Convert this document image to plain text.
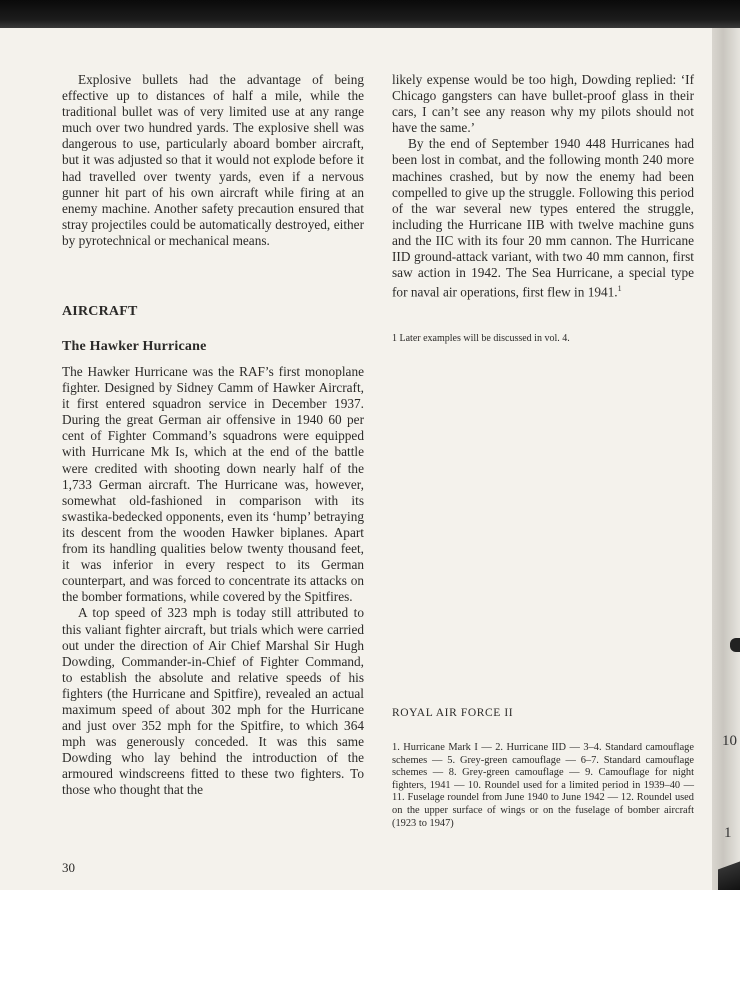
10
1

Explosive bullets had the advantage of being effective up to distances of half a mile, while the traditional bullet was of very limited use at any range much over two hundred yards. The explosive shell was dangerous to use, particularly aboard bomber aircraft, but it was adjusted so that it would not explode before it had travelled over twenty yards, even if a nervous gunner hit part of his own aircraft while firing at an enemy machine. Another safety precaution ensured that stray projectiles could be automatically destroyed, either by pyrotechnical or mechanical means.

AIRCRAFT
The Hawker Hurricane

The Hawker Hurricane was the RAF’s first monoplane fighter. Designed by Sidney Camm of Hawker Aircraft, it first entered squadron service in December 1937. During the great German air offensive in 1940 60 per cent of Fighter Command’s squadrons were equipped with Hurricane Mk Is, which at the end of the battle were credited with shooting down nearly half of the 1,733 German aircraft. The Hurricane was, however, somewhat old-fashioned in comparison with its swastika-bedecked opponents, even its ‘hump’ betraying its descent from the wooden Hawker biplanes. Apart from its handling qualities below twenty thousand feet, it was inferior in every respect to its German counterpart, and was forced to concentrate its attacks on the bomber formations, while covered by the Spitfires.

A top speed of 323 mph is today still attributed to this valiant fighter aircraft, but trials which were carried out under the direction of Air Chief Marshal Sir Hugh Dowding, Commander-in-Chief of Fighter Command, to establish the absolute and relative speeds of his fighters (the Hurricane and Spitfire), revealed an actual maximum speed of about 302 mph for the Hurricane and just over 352 mph for the Spitfire, to which 364 mph was generously conceded. It was this same Dowding who lay behind the introduction of the armoured windscreens fitted to these two fighters. To those who thought that the

likely expense would be too high, Dowding replied: ‘If Chicago gangsters can have bullet-proof glass in their cars, I can’t see any reason why my pilots should not have the same.’

By the end of September 1940 448 Hurricanes had been lost in combat, and the following month 240 more machines crashed, but by now the enemy had been compelled to give up the struggle. Following this period of the war several new types entered the struggle, including the Hurricane IIB with twelve machine guns and the IIC with its four 20 mm cannon. The Hurricane IID ground-attack variant, with two 40 mm cannon, first saw action in 1942. The Sea Hurricane, a special type for naval air operations, first flew in 1941.$^1$

1 Later examples will be discussed in vol. 4.
ROYAL AIR FORCE II
1. Hurricane Mark I — 2. Hurricane IID — 3–4. Standard camouflage schemes — 5. Grey-green camouflage — 6–7. Standard camouflage schemes — 8. Grey-green camouflage — 9. Camouflage for night fighters, 1941 — 10. Roundel used for a limited period in 1939–40 — 11. Fuselage roundel from June 1940 to June 1942 — 12. Roundel used on the upper surface of wings or on the fuselage of bomber aircraft (1923 to 1947)
30
